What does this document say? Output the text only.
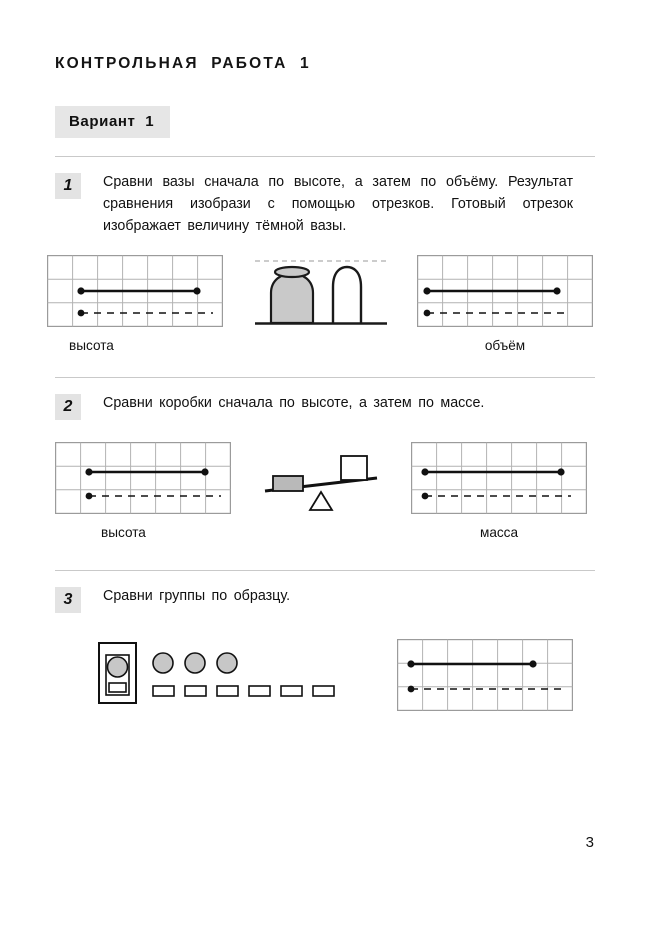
КОНТРОЛЬНАЯ РАБОТА 1
Вариант 1
1	Сравни вазы сначала по высоте, а затем по объёму. Результат сравнения изобрази с помощью отрезков. Готовый отрезок изображает величину тёмной вазы.
высота	объём
2	Сравни коробки сначала по высоте, а затем по массе.
высота	масса
3	Сравни группы по образцу.
3
